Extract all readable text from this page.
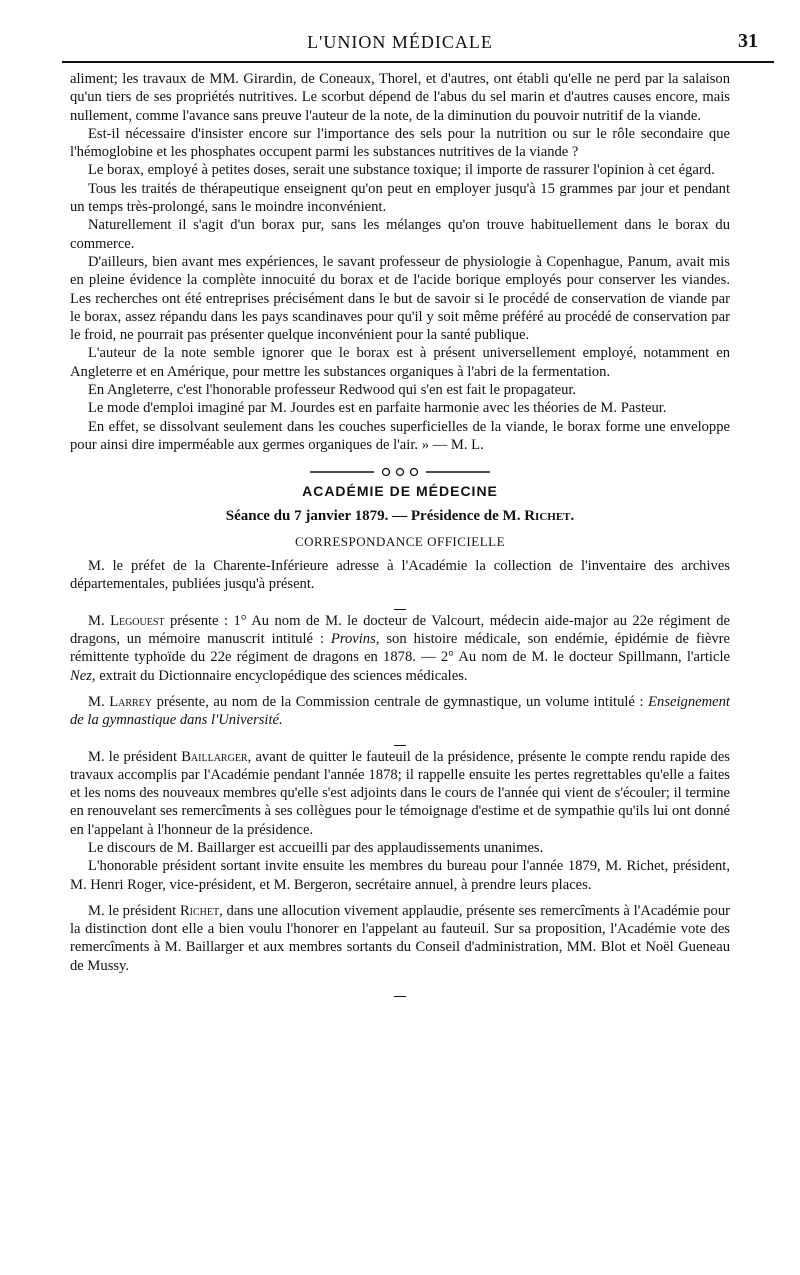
L'UNION MÉDICALE	31

aliment; les travaux de MM. Girardin, de Coneaux, Thorel, et d'autres, ont établi qu'elle ne perd par la salaison qu'un tiers de ses propriétés nutritives. Le scorbut dépend de l'abus du sel marin et d'autres causes encore, mais nullement, comme l'avance sans preuve l'auteur de la note, de la diminution du pouvoir nutritif de la viande.

Est-il nécessaire d'insister encore sur l'importance des sels pour la nutrition ou sur le rôle secondaire que l'hémoglobine et les phosphates occupent parmi les substances nutritives de la viande ?

Le borax, employé à petites doses, serait une substance toxique; il importe de rassurer l'opinion à cet égard.

Tous les traités de thérapeutique enseignent qu'on peut en employer jusqu'à 15 grammes par jour et pendant un temps très-prolongé, sans le moindre inconvénient.

Naturellement il s'agit d'un borax pur, sans les mélanges qu'on trouve habituellement dans le borax du commerce.

D'ailleurs, bien avant mes expériences, le savant professeur de physiologie à Copenhague, Panum, avait mis en pleine évidence la complète innocuité du borax et de l'acide borique employés pour conserver les viandes. Les recherches ont été entreprises précisément dans le but de savoir si le procédé de conservation de viande par le borax, assez répandu dans les pays scandinaves pour qu'il y soit même préféré au procédé de conservation par le froid, ne pourrait pas présenter quelque inconvénient pour la santé publique.

L'auteur de la note semble ignorer que le borax est à présent universellement employé, notamment en Angleterre et en Amérique, pour mettre les substances organiques à l'abri de la fermentation.

En Angleterre, c'est l'honorable professeur Redwood qui s'en est fait le propagateur.

Le mode d'emploi imaginé par M. Jourdes est en parfaite harmonie avec les théories de M. Pasteur.

En effet, se dissolvant seulement dans les couches superficielles de la viande, le borax forme une enveloppe pour ainsi dire imperméable aux germes organiques de l'air. » — M. L.

ACADÉMIE DE MÉDECINE
Séance du 7 janvier 1879. — Présidence de M. Richet.
CORRESPONDANCE OFFICIELLE

M. le préfet de la Charente-Inférieure adresse à l'Académie la collection de l'inventaire des archives départementales, publiées jusqu'à présent.

M. Legouest présente : 1° Au nom de M. le docteur de Valcourt, médecin aide-major au 22e régiment de dragons, un mémoire manuscrit intitulé : Provins, son histoire médicale, son endémie, épidémie de fièvre rémittente typhoïde du 22e régiment de dragons en 1878. — 2° Au nom de M. le docteur Spillmann, l'article Nez, extrait du Dictionnaire encyclopédique des sciences médicales.

M. Larrey présente, au nom de la Commission centrale de gymnastique, un volume intitulé : Enseignement de la gymnastique dans l'Université.

M. le président Baillarger, avant de quitter le fauteuil de la présidence, présente le compte rendu rapide des travaux accomplis par l'Académie pendant l'année 1878; il rappelle ensuite les pertes regrettables qu'elle a faites et les noms des nouveaux membres qu'elle s'est adjoints dans le cours de l'année qui vient de s'écouler; il termine en renouvelant ses remercîments à ses collègues pour le témoignage d'estime et de sympathie qu'ils lui ont donné en l'appelant à l'honneur de la présidence.

Le discours de M. Baillarger est accueilli par des applaudissements unanimes.

L'honorable président sortant invite ensuite les membres du bureau pour l'année 1879, M. Richet, président, M. Henri Roger, vice-président, et M. Bergeron, secrétaire annuel, à prendre leurs places.

M. le président Richet, dans une allocution vivement applaudie, présente ses remercîments à l'Académie pour la distinction dont elle a bien voulu l'honorer en l'appelant au fauteuil. Sur sa proposition, l'Académie vote des remercîments à M. Baillarger et aux membres sortants du Conseil d'administration, MM. Blot et Noël Gueneau de Mussy.
